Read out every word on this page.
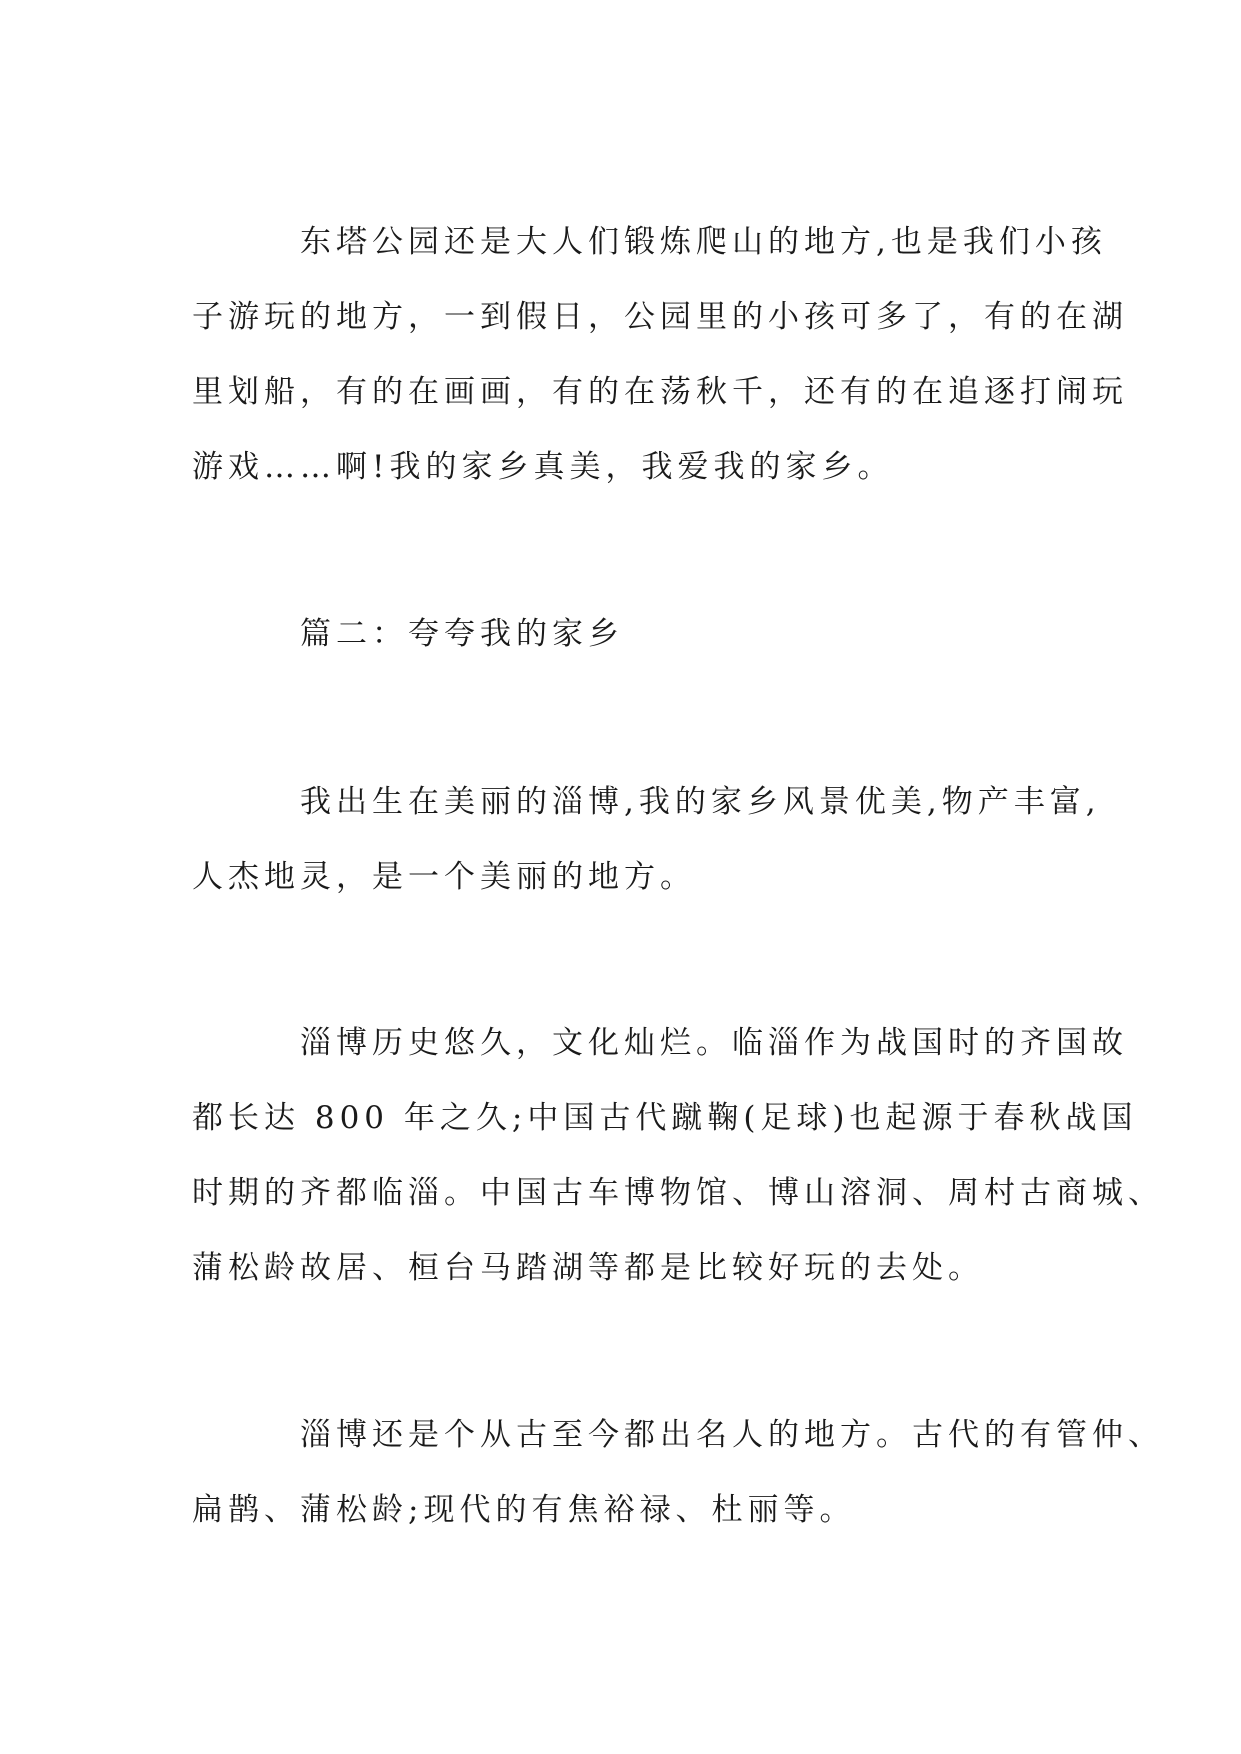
东塔公园还是大人们锻炼爬山的地方,也是我们小孩
子游玩的地方，一到假日，公园里的小孩可多了，有的在湖
里划船，有的在画画，有的在荡秋千，还有的在追逐打闹玩
游戏……啊!我的家乡真美，我爱我的家乡。
篇二：夸夸我的家乡
我出生在美丽的淄博,我的家乡风景优美,物产丰富,
人杰地灵，是一个美丽的地方。
淄博历史悠久，文化灿烂。临淄作为战国时的齐国故
都长达 800 年之久;中国古代蹴鞠(足球)也起源于春秋战国
时期的齐都临淄。中国古车博物馆、博山溶洞、周村古商城、
蒲松龄故居、桓台马踏湖等都是比较好玩的去处。
淄博还是个从古至今都出名人的地方。古代的有管仲、
扁鹊、蒲松龄;现代的有焦裕禄、杜丽等。
